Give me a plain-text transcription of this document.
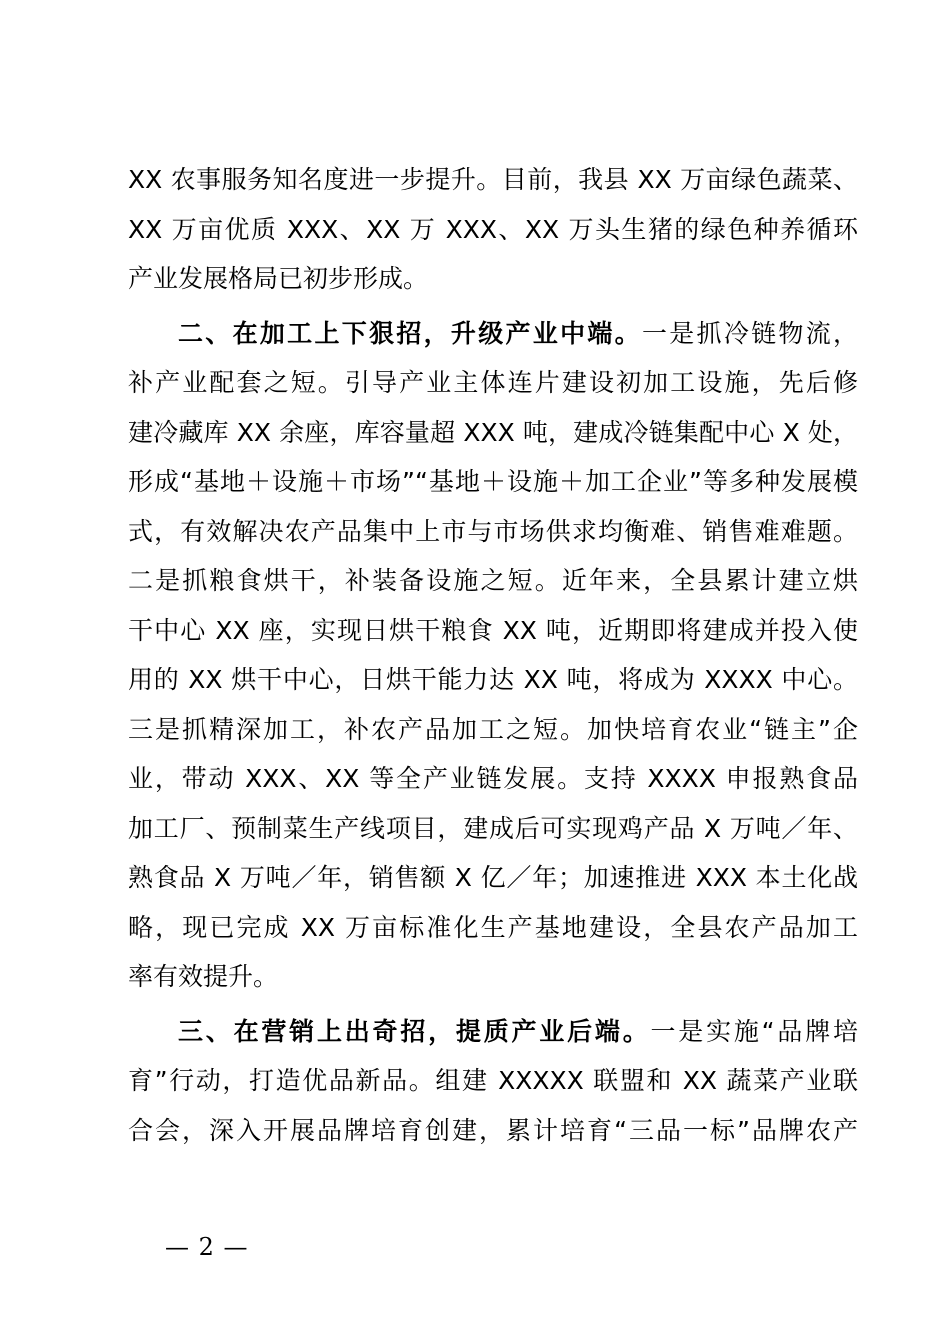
XX 农事服务知名度进一步提升。目前，我县 XX 万亩绿色蔬菜、
XX 万亩优质 XXX、XX 万 XXX、XX 万头生猪的绿色种养循环
产业发展格局已初步形成。
二、在加工上下狠招，升级产业中端。一是抓冷链物流，
补产业配套之短。引导产业主体连片建设初加工设施，先后修
建冷藏库 XX 余座，库容量超 XXX 吨，建成冷链集配中心 X 处，
形成“基地＋设施＋市场”“基地＋设施＋加工企业”等多种发展模
式，有效解决农产品集中上市与市场供求均衡难、销售难难题。
二是抓粮食烘干，补装备设施之短。近年来，全县累计建立烘
干中心 XX 座，实现日烘干粮食 XX 吨，近期即将建成并投入使
用的 XX 烘干中心，日烘干能力达 XX 吨，将成为 XXXX 中心。
三是抓精深加工，补农产品加工之短。加快培育农业“链主”企
业，带动 XXX、XX 等全产业链发展。支持 XXXX 申报熟食品
加工厂、预制菜生产线项目，建成后可实现鸡产品 X 万吨／年、
熟食品 X 万吨／年，销售额 X 亿／年；加速推进 XXX 本土化战
略，现已完成 XX 万亩标准化生产基地建设，全县农产品加工
率有效提升。
三、在营销上出奇招，提质产业后端。一是实施“品牌培
育”行动，打造优品新品。组建 XXXXX 联盟和 XX 蔬菜产业联
合会，深入开展品牌培育创建，累计培育“三品一标”品牌农产
— 2 —
